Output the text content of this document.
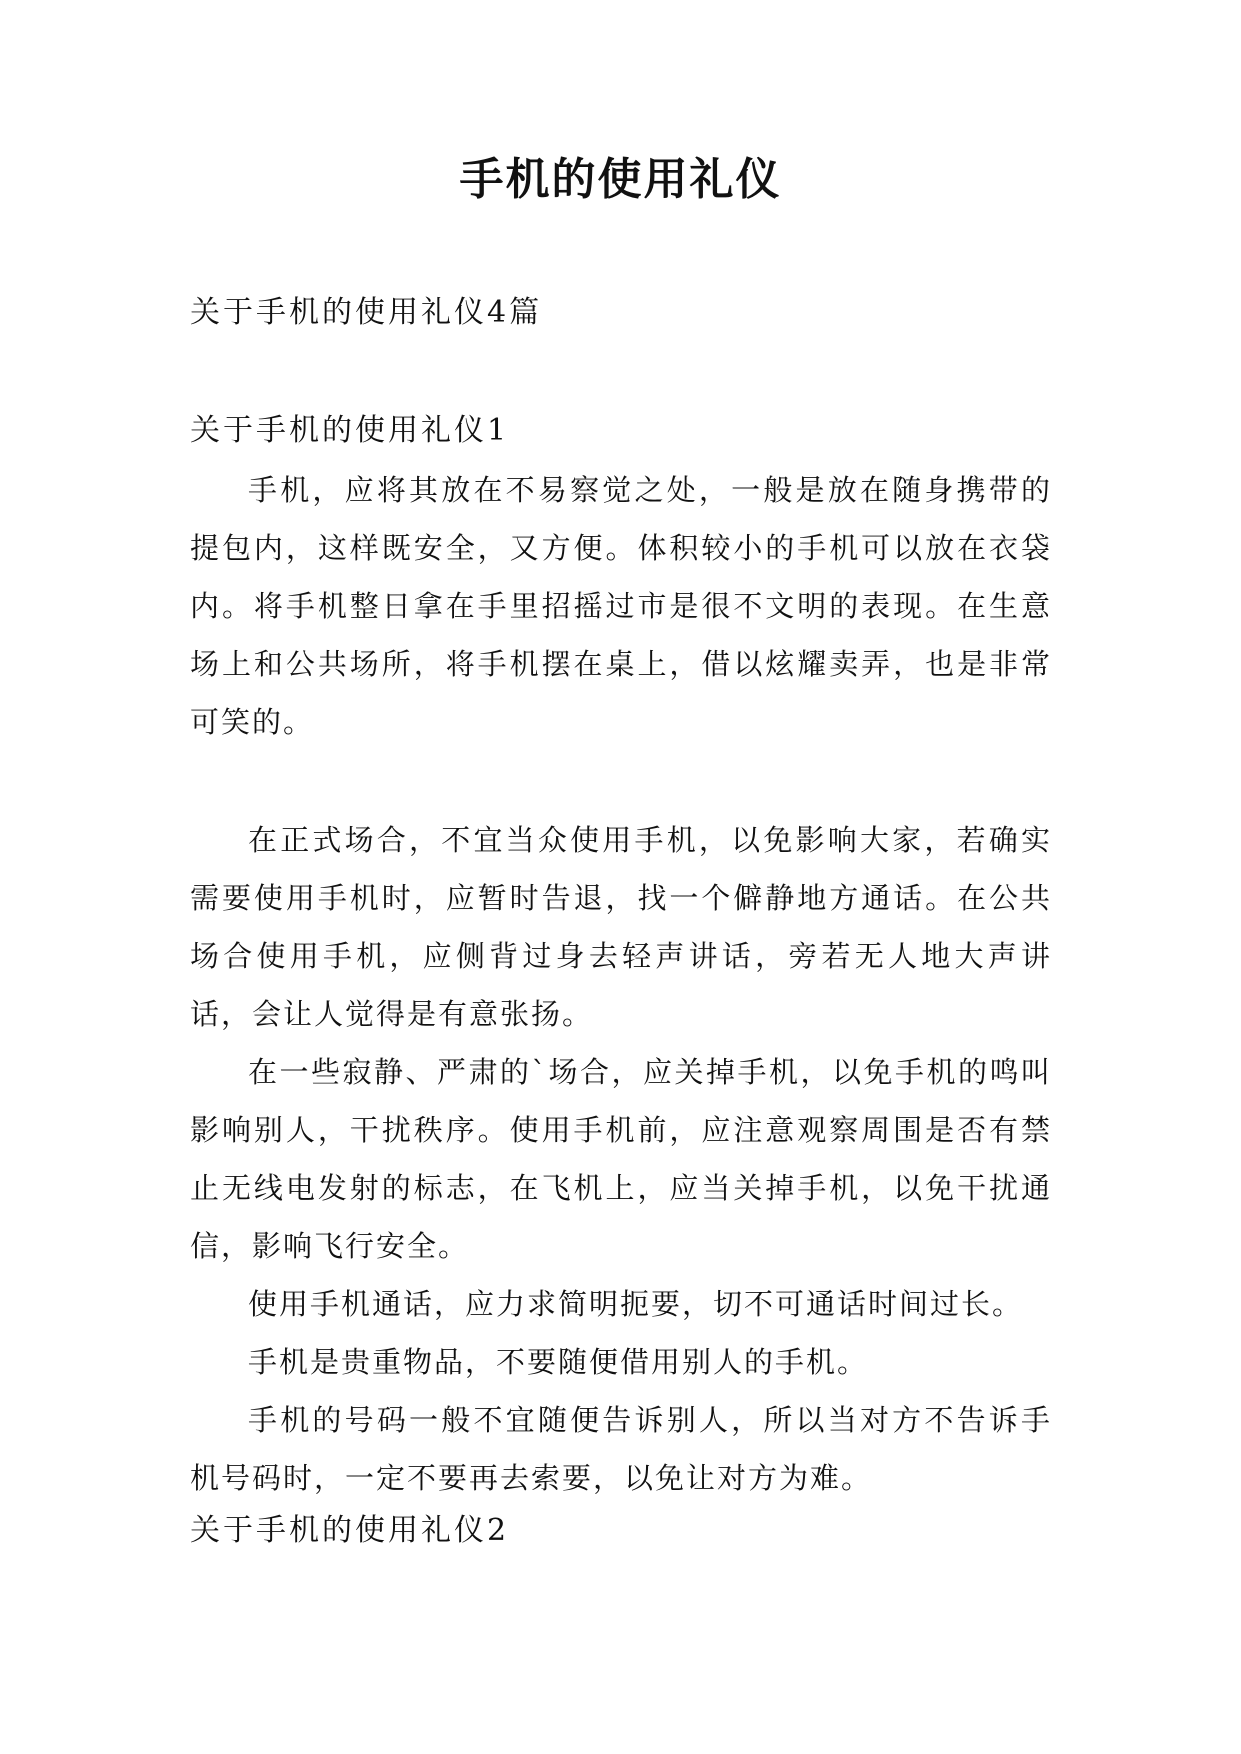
手机的使用礼仪

关于手机的使用礼仪4篇

关于手机的使用礼仪1

手机，应将其放在不易察觉之处，一般是放在随身携带的提包内，这样既安全，又方便。体积较小的手机可以放在衣袋内。将手机整日拿在手里招摇过市是很不文明的表现。在生意场上和公共场所，将手机摆在桌上，借以炫耀卖弄，也是非常可笑的。

在正式场合，不宜当众使用手机，以免影响大家，若确实需要使用手机时，应暂时告退，找一个僻静地方通话。在公共场合使用手机，应侧背过身去轻声讲话，旁若无人地大声讲话，会让人觉得是有意张扬。

在一些寂静、严肃的`场合，应关掉手机，以免手机的鸣叫影响别人，干扰秩序。使用手机前，应注意观察周围是否有禁止无线电发射的标志，在飞机上，应当关掉手机，以免干扰通信，影响飞行安全。

使用手机通话，应力求简明扼要，切不可通话时间过长。

手机是贵重物品，不要随便借用别人的手机。

手机的号码一般不宜随便告诉别人，所以当对方不告诉手机号码时，一定不要再去索要，以免让对方为难。

关于手机的使用礼仪2
